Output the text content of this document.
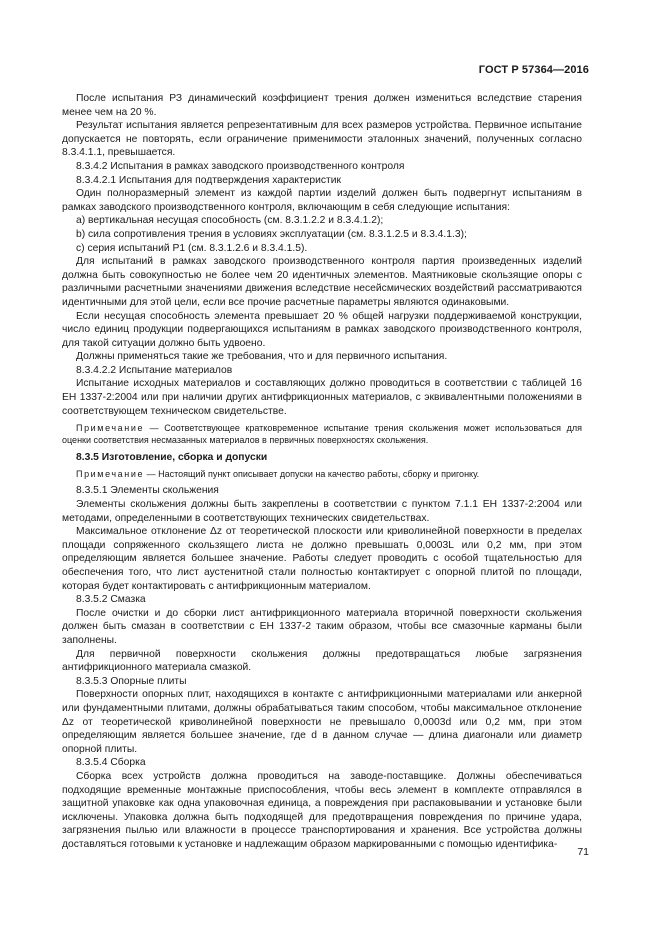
ГОСТ Р 57364—2016

После испытания РЗ динамический коэффициент трения должен измениться вследствие старения менее чем на 20 %.

Результат испытания является репрезентативным для всех размеров устройства. Первичное испытание допускается не повторять, если ограничение применимости эталонных значений, полученных согласно 8.3.4.1.1, превышается.

8.3.4.2 Испытания в рамках заводского производственного контроля

8.3.4.2.1 Испытания для подтверждения характеристик

Один полноразмерный элемент из каждой партии изделий должен быть подвергнут испытаниям в рамках заводского производственного контроля, включающим в себя следующие испытания:

а) вертикальная несущая способность (см. 8.3.1.2.2 и 8.3.4.1.2);

b) сила сопротивления трения в условиях эксплуатации (см. 8.3.1.2.5 и 8.3.4.1.3);

с) серия испытаний Р1 (см. 8.3.1.2.6 и 8.3.4.1.5).

Для испытаний в рамках заводского производственного контроля партия произведенных изделий должна быть совокупностью не более чем 20 идентичных элементов. Маятниковые скользящие опоры с различными расчетными значениями движения вследствие несейсмических воздействий рассматриваются идентичными для этой цели, если все прочие расчетные параметры являются одинаковыми.

Если несущая способность элемента превышает 20 % общей нагрузки поддерживаемой конструкции, число единиц продукции подвергающихся испытаниям в рамках заводского производственного контроля, для такой ситуации должно быть удвоено.

Должны применяться такие же требования, что и для первичного испытания.

8.3.4.2.2 Испытание материалов

Испытание исходных материалов и составляющих должно проводиться в соответствии с таблицей 16 ЕН 1337-2:2004 или при наличии других антифрикционных материалов, с эквивалентными положениями в соответствующем техническом свидетельстве.

Примечание — Соответствующее кратковременное испытание трения скольжения может использоваться для оценки соответствия несмазанных материалов в первичных поверхностях скольжения.

8.3.5 Изготовление, сборка и допуски

Примечание — Настоящий пункт описывает допуски на качество работы, сборку и пригонку.

8.3.5.1 Элементы скольжения

Элементы скольжения должны быть закреплены в соответствии с пунктом 7.1.1 ЕН 1337-2:2004 или методами, определенными в соответствующих технических свидетельствах.

Максимальное отклонение Δz от теоретической плоскости или криволинейной поверхности в пределах площади сопряженного скользящего листа не должно превышать 0,0003L или 0,2 мм, при этом определяющим является большее значение. Работы следует проводить с особой тщательностью для обеспечения того, что лист аустенитной стали полностью контактирует с опорной плитой по площади, которая будет контактировать с антифрикционным материалом.

8.3.5.2 Смазка

После очистки и до сборки лист антифрикционного материала вторичной поверхности скольжения должен быть смазан в соответствии с ЕН 1337-2 таким образом, чтобы все смазочные карманы были заполнены.

Для первичной поверхности скольжения должны предотвращаться любые загрязнения антифрикционного материала смазкой.

8.3.5.3 Опорные плиты

Поверхности опорных плит, находящихся в контакте с антифрикционными материалами или анкерной или фундаментными плитами, должны обрабатываться таким способом, чтобы максимальное отклонение Δz от теоретической криволинейной поверхности не превышало 0,0003d или 0,2 мм, при этом определяющим является большее значение, где d в данном случае — длина диагонали или диаметр опорной плиты.

8.3.5.4 Сборка

Сборка всех устройств должна проводиться на заводе-поставщике. Должны обеспечиваться подходящие временные монтажные приспособления, чтобы весь элемент в комплекте отправлялся в защитной упаковке как одна упаковочная единица, а повреждения при распаковывании и установке были исключены. Упаковка должна быть подходящей для предотвращения повреждения по причине удара, загрязнения пылью или влажности в процессе транспортирования и хранения. Все устройства должны доставляться готовыми к установке и надлежащим образом маркированными с помощью идентифика-

71
